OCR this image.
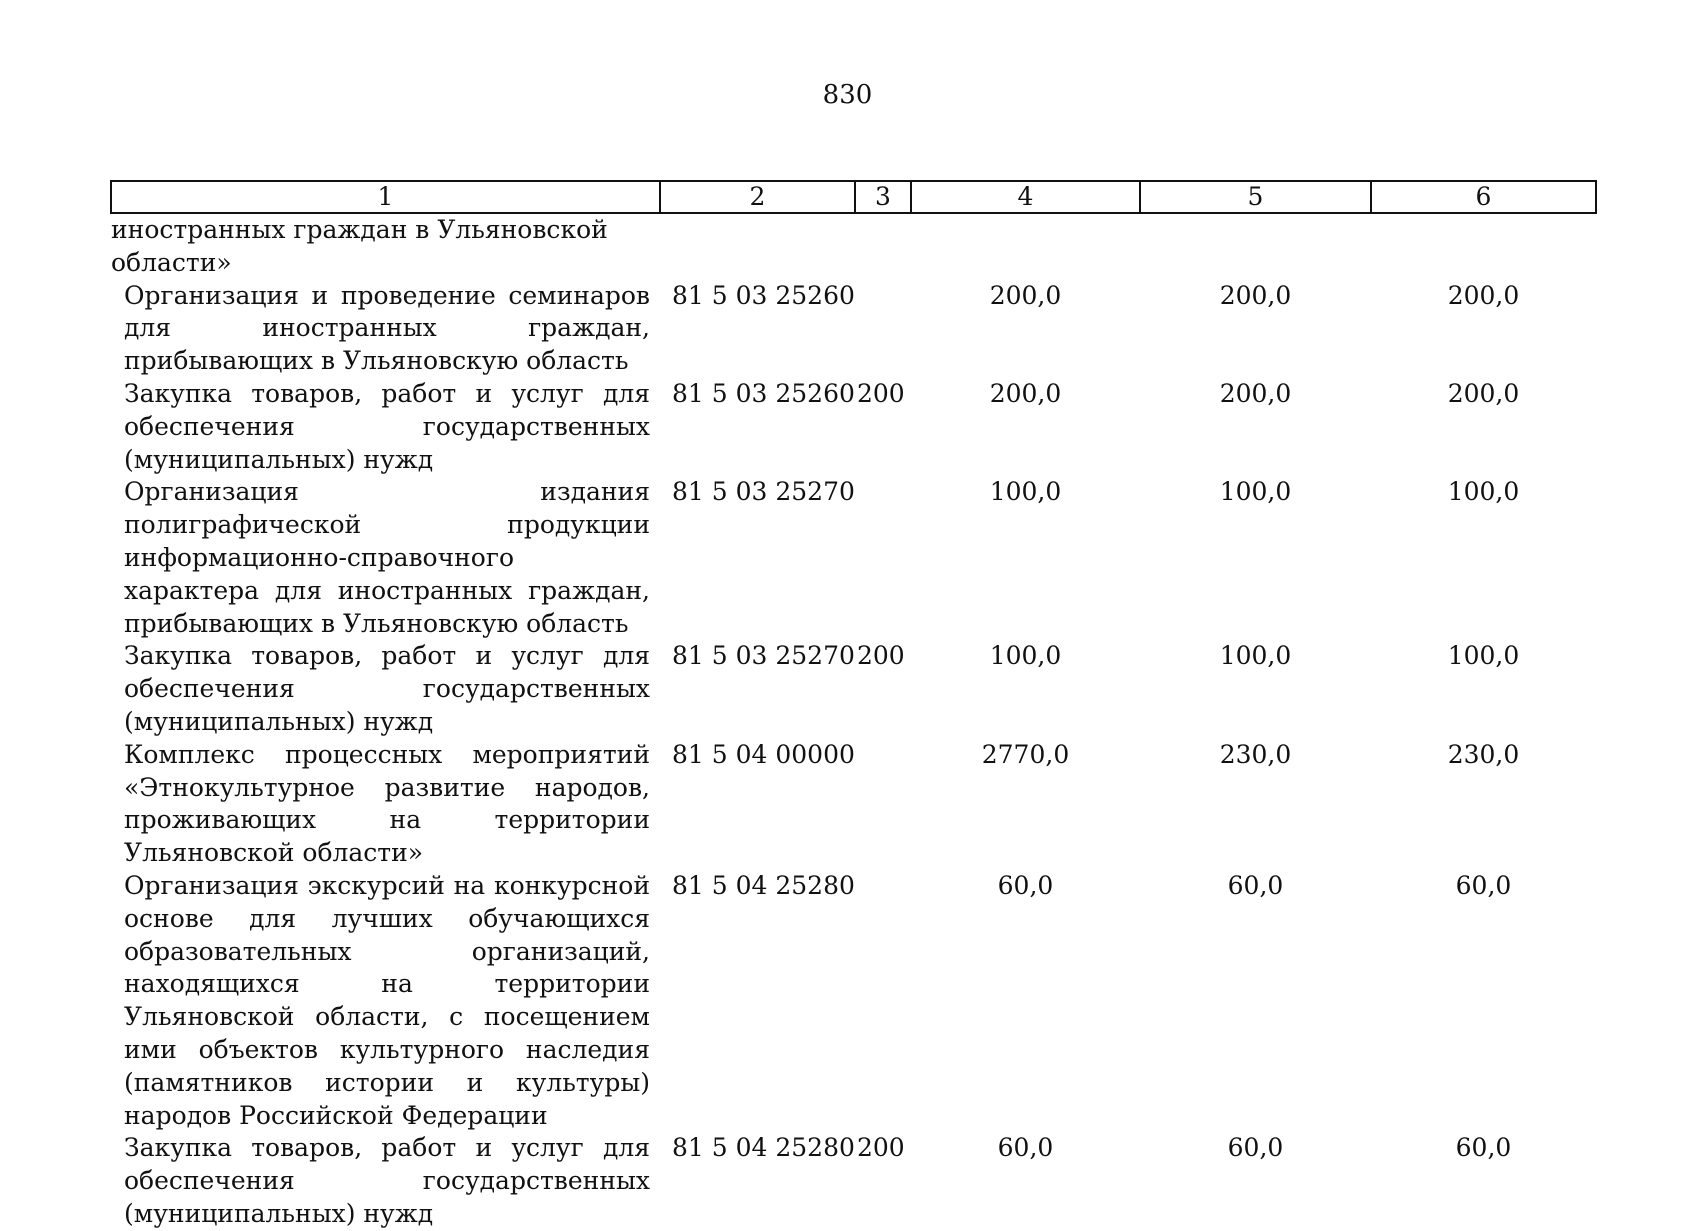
830
1	2	3	4	5	6
иностранных граждан в Ульяновской области»					
Организация и проведение семинаров для иностранных граждан, прибывающих в Ульяновскую область	81 5 03 25260		200,0	200,0	200,0
Закупка товаров, работ и услуг для обеспечения государственных (муниципальных) нужд	81 5 03 25260	200	200,0	200,0	200,0
Организация издания полиграфической продукции информационно-справочного характера для иностранных граждан, прибывающих в Ульяновскую область	81 5 03 25270		100,0	100,0	100,0
Закупка товаров, работ и услуг для обеспечения государственных (муниципальных) нужд	81 5 03 25270	200	100,0	100,0	100,0
Комплекс процессных мероприятий «Этнокультурное развитие народов, проживающих на территории Ульяновской области»	81 5 04 00000		2770,0	230,0	230,0
Организация экскурсий на конкурсной основе для лучших обучающихся образовательных организаций, находящихся на территории Ульяновской области, с посещением ими объектов культурного наследия (памятников истории и культуры) народов Российской Федерации	81 5 04 25280		60,0	60,0	60,0
Закупка товаров, работ и услуг для обеспечения государственных (муниципальных) нужд	81 5 04 25280	200	60,0	60,0	60,0
